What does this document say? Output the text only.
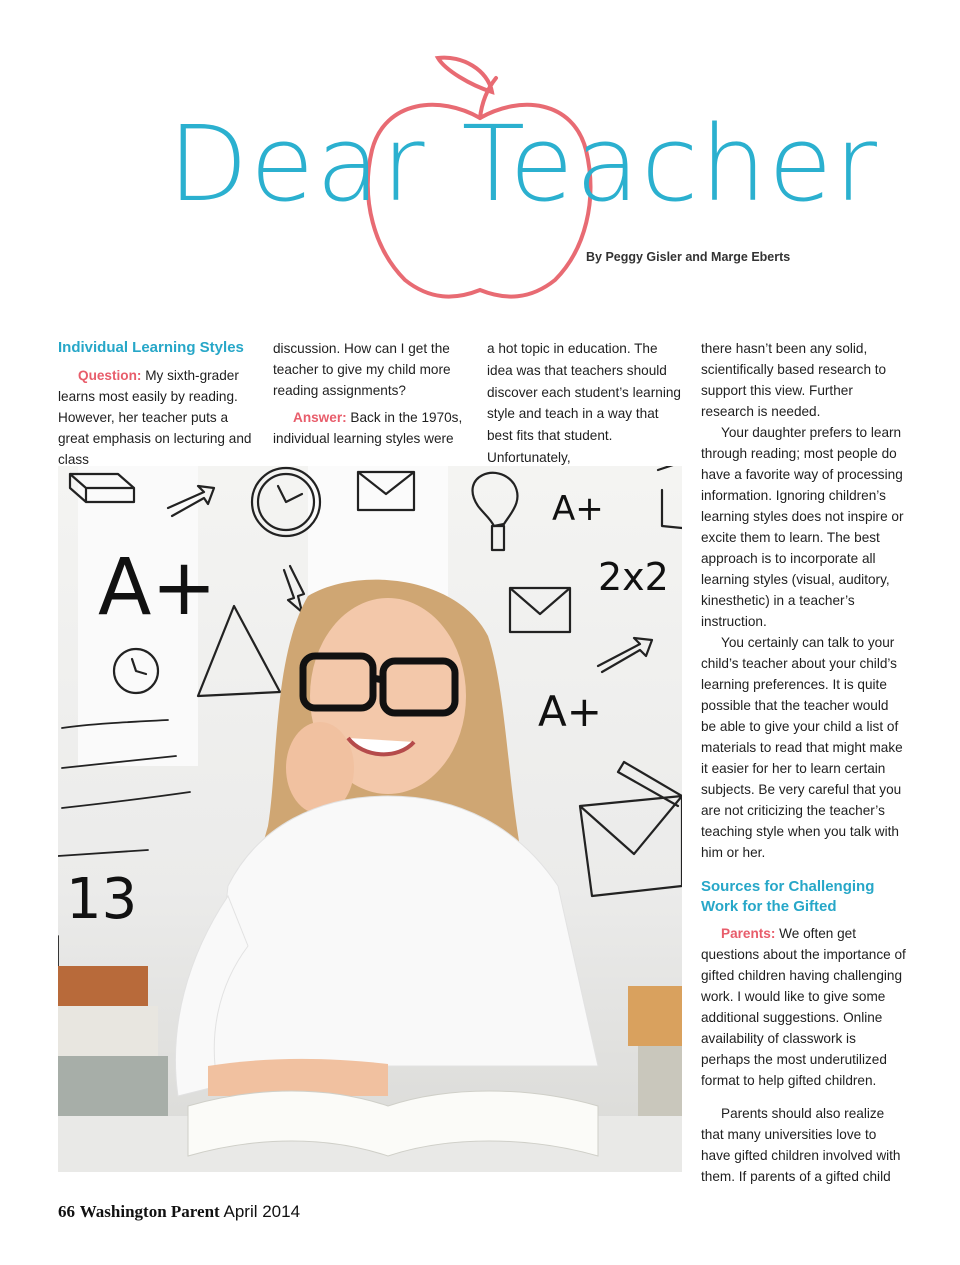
Dear Teacher
By Peggy Gisler and Marge Eberts
Individual Learning Styles

Question: My sixth-grader learns most easily by reading. However, her teacher puts a great emphasis on lecturing and class

discussion. How can I get the teacher to give my child more reading assignments?

Answer: Back in the 1970s, individual learning styles were

a hot topic in education. The idea was that teachers should discover each student’s learning style and teach in a way that best fits that student. Unfortunately,

A+
A+
A+
2x2
13

there hasn’t been any solid, scientifically based research to support this view. Further research is needed.

Your daughter prefers to learn through reading; most people do have a favorite way of processing information. Ignoring children’s learning styles does not inspire or excite them to learn. The best approach is to incorporate all learning styles (visual, auditory, kinesthetic) in a teacher’s instruction.

You certainly can talk to your child’s teacher about your child’s learning preferences. It is quite possible that the teacher would be able to give your child a list of materials to read that might make it easier for her to learn certain subjects. Be very careful that you are not criticizing the teacher’s teaching style when you talk with him or her.

Sources for Challenging Work for the Gifted

Parents: We often get questions about the importance of gifted children having challenging work. I would like to give some additional suggestions. Online availability of classwork is perhaps the most underutilized format to help gifted children.

Parents should also realize that many universities love to have gifted children involved with them. If parents of a gifted child

66 Washington Parent April 2014
